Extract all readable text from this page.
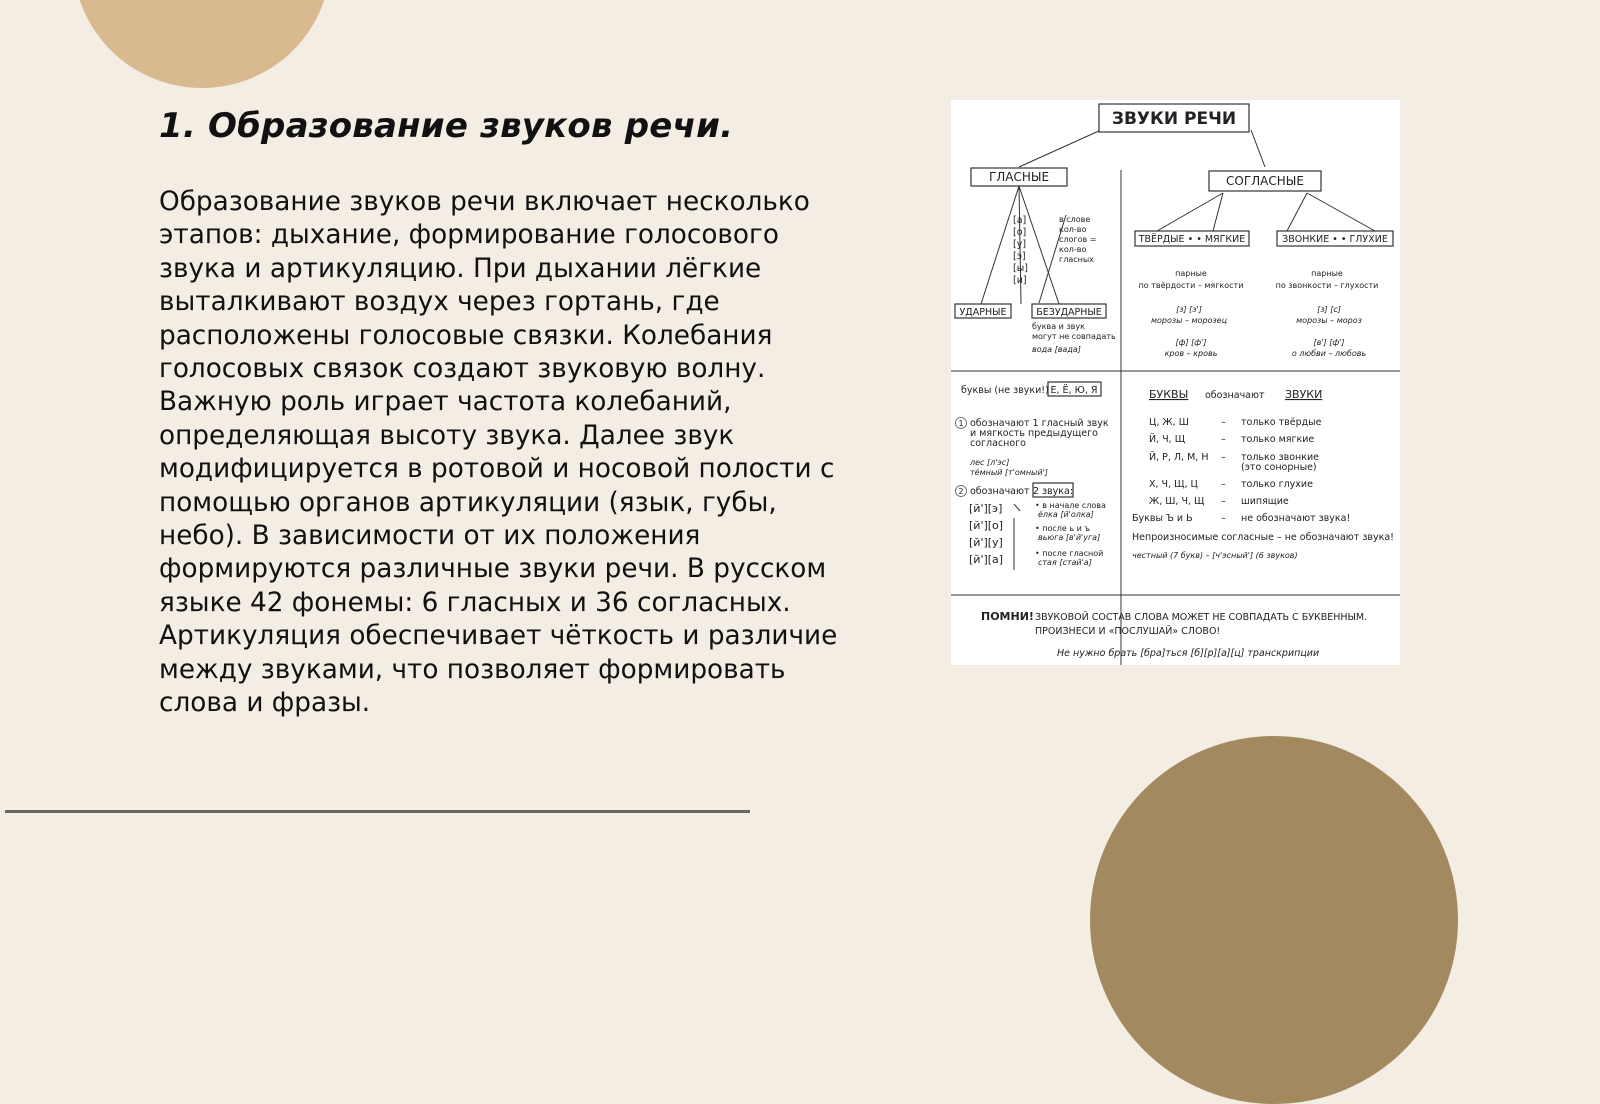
1. Образование звуков речи.

Образование звуков речи включает несколько этапов: дыхание, формирование голосового звука и артикуляцию. При дыхании лёгкие выталкивают воздух через гортань, где расположены голосовые связки. Колебания голосовых связок создают звуковую волну. Важную роль играет частота колебаний, определяющая высоту звука. Далее звук модифицируется в ротовой и носовой полости с помощью органов артикуляции (язык, губы, небо). В зависимости от их положения формируются различные звуки речи. В русском языке 42 фонемы: 6 гласных и 36 согласных. Артикуляция обеспечивает чёткость и различие между звуками, что позволяет формировать слова и фразы.

ЗВУКИ РЕЧИ
ГЛАСНЫЕ	СОГЛАСНЫЕ
[а]
[о]
[у]
[э]
[ы]
[и]
в слове
кол-во
слогов =
кол-во
гласных
УДАРНЫЕ	БЕЗУДАРНЫЕ
буква и звук
могут не совпадать
вода [вада]
ТВЁРДЫЕ • • МЯГКИЕ	ЗВОНКИЕ • • ГЛУХИЕ
парные
по твёрдости – мягкости
парные
по звонкости – глухости
[з] [з']
морозы – морозец
[ф] [ф']
кров – кровь
[з] [с]
морозы – мороз
[в'] [ф']
о любви – любовь
буквы (не звуки!) Е, Ё, Ю, Я
1 обозначают 1 гласный звук
и мягкость предыдущего
согласного
лес [л'эс]
тёмный [т'омный']
2 обозначают 2 звука:
[й'][э]
[й'][о]
[й'][у]
[й'][а]
• в начале слова
ёлка [й'олка]
• после ь и ъ
вьюга [в'й'уга]
• после гласной
стая [стай'а]
БУКВЫ обозначают ЗВУКИ
Ц, Ж, Ш	– только твёрдые
Й, Ч, Щ	– только мягкие
Й, Р, Л, М, Н – только звонкие
(это сонорные)
Х, Ч, Щ, Ц – только глухие
Ж, Ш, Ч, Щ – шипящие
Буквы Ъ и Ь	– не обозначают звука!
Непроизносимые согласные – не обозначают звука!
честный (7 букв) – [ч'эсный'] (6 звуков)
ПОМНИ! ЗВУКОВОЙ СОСТАВ СЛОВА МОЖЕТ НЕ СОВПАДАТЬ С БУКВЕННЫМ.
ПРОИЗНЕСИ И «ПОСЛУШАЙ» СЛОВО!
Не нужно брать [бра]ться [б][р][а][ц] транскрипции
